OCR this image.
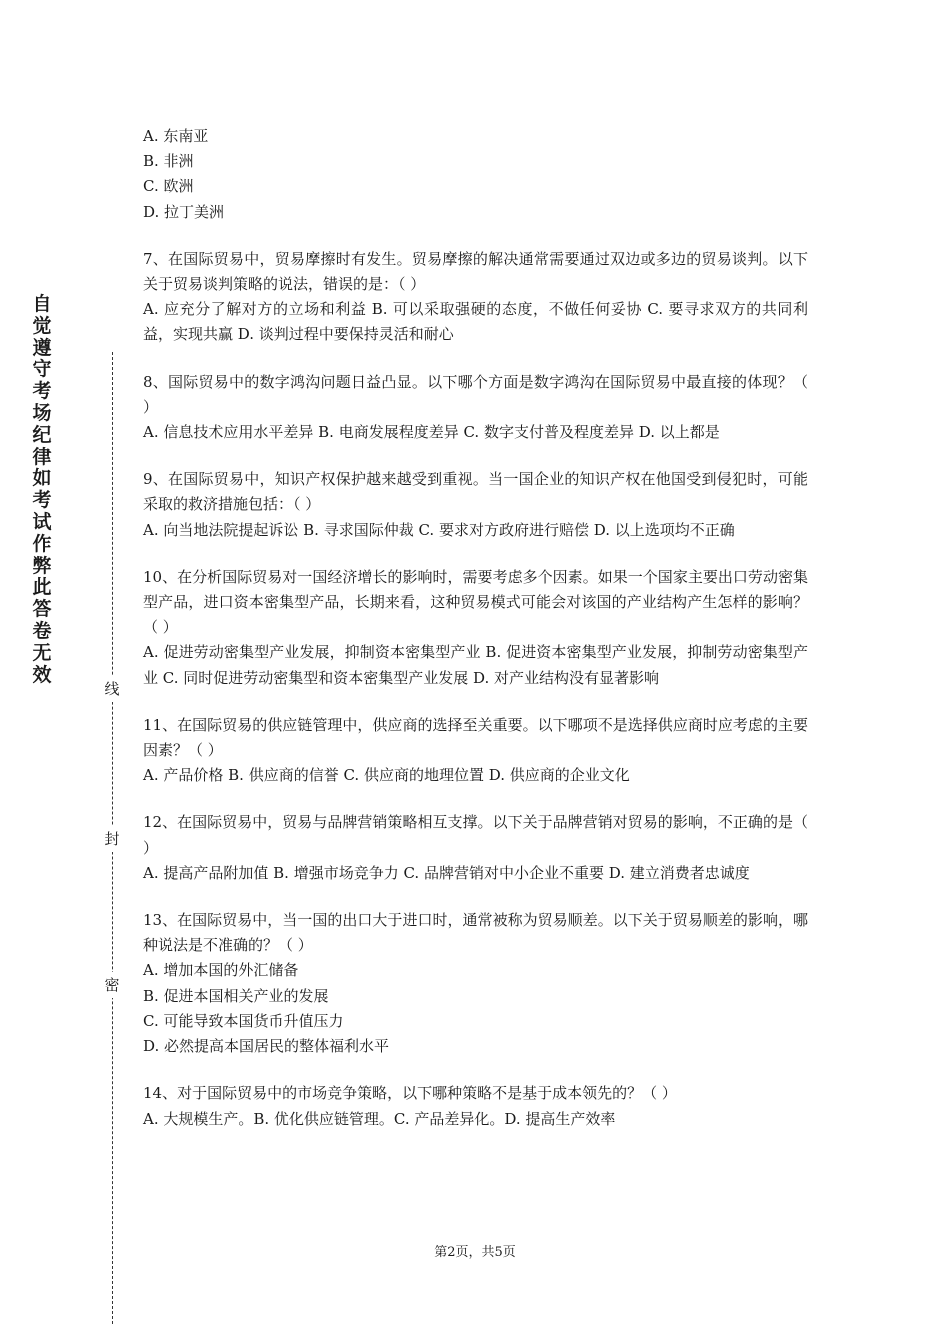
自
觉
遵
守
考
场
纪
律
如
考
试
作
弊
此
答
卷
无
效
线
封
密

A. 东南亚

B. 非洲

C. 欧洲

D. 拉丁美洲

7、在国际贸易中，贸易摩擦时有发生。贸易摩擦的解决通常需要通过双边或多边的贸易谈判。以下关于贸易谈判策略的说法，错误的是：（ ）

A. 应充分了解对方的立场和利益 B. 可以采取强硬的态度，不做任何妥协 C. 要寻求双方的共同利益，实现共赢 D. 谈判过程中要保持灵活和耐心

8、国际贸易中的数字鸿沟问题日益凸显。以下哪个方面是数字鸿沟在国际贸易中最直接的体现？（ ）

A. 信息技术应用水平差异 B. 电商发展程度差异 C. 数字支付普及程度差异 D. 以上都是

9、在国际贸易中，知识产权保护越来越受到重视。当一国企业的知识产权在他国受到侵犯时，可能采取的救济措施包括：（ ）

A. 向当地法院提起诉讼 B. 寻求国际仲裁 C. 要求对方政府进行赔偿 D. 以上选项均不正确

10、在分析国际贸易对一国经济增长的影响时，需要考虑多个因素。如果一个国家主要出口劳动密集型产品，进口资本密集型产品，长期来看，这种贸易模式可能会对该国的产业结构产生怎样的影响？（ ）

A. 促进劳动密集型产业发展，抑制资本密集型产业 B. 促进资本密集型产业发展，抑制劳动密集型产业 C. 同时促进劳动密集型和资本密集型产业发展 D. 对产业结构没有显著影响

11、在国际贸易的供应链管理中，供应商的选择至关重要。以下哪项不是选择供应商时应考虑的主要因素？（ ）

A. 产品价格 B. 供应商的信誉 C. 供应商的地理位置 D. 供应商的企业文化

12、在国际贸易中，贸易与品牌营销策略相互支撑。以下关于品牌营销对贸易的影响，不正确的是（ ）

A. 提高产品附加值 B. 增强市场竞争力 C. 品牌营销对中小企业不重要 D. 建立消费者忠诚度

13、在国际贸易中，当一国的出口大于进口时，通常被称为贸易顺差。以下关于贸易顺差的影响，哪种说法是不准确的？（ ）

A. 增加本国的外汇储备

B. 促进本国相关产业的发展

C. 可能导致本国货币升值压力

D. 必然提高本国居民的整体福利水平

14、对于国际贸易中的市场竞争策略，以下哪种策略不是基于成本领先的？（ ）

A. 大规模生产。B. 优化供应链管理。C. 产品差异化。D. 提高生产效率

第2页，共5页
